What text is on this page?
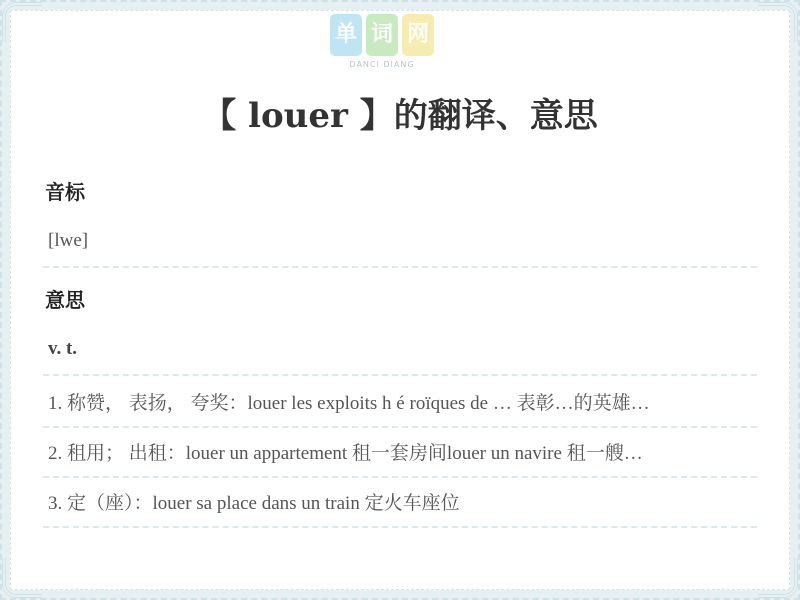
单 词 网
DANCI DIANG
【 louer 】的翻译、意思
音标
[lwe]
意思
v. t.
1. 称赞， 表扬， 夸奖：louer les exploits h é roïques de … 表彰…的英雄…
2. 租用； 出租：louer un appartement 租一套房间louer un navire 租一艘…
3. 定（座）：louer sa place dans un train 定火车座位
